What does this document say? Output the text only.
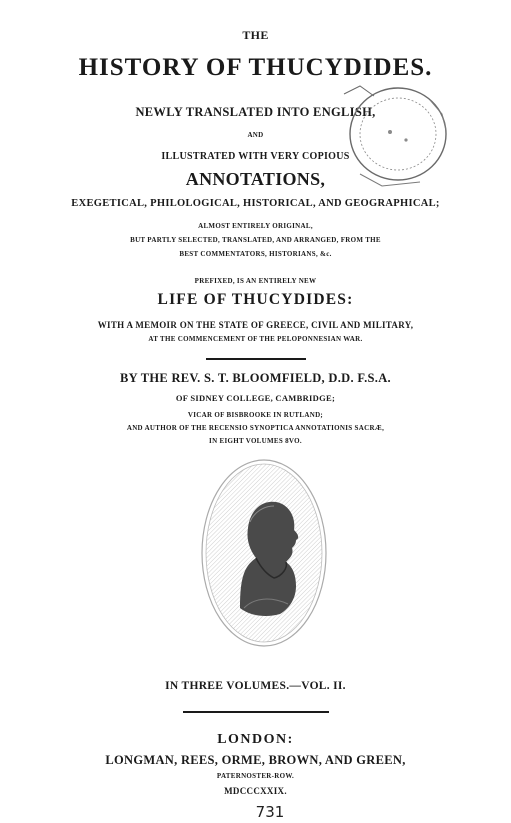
THE
HISTORY OF THUCYDIDES.
NEWLY TRANSLATED INTO ENGLISH,
AND
ILLUSTRATED WITH VERY COPIOUS
ANNOTATIONS,
EXEGETICAL, PHILOLOGICAL, HISTORICAL, AND GEOGRAPHICAL;
ALMOST ENTIRELY ORIGINAL,
BUT PARTLY SELECTED, TRANSLATED, AND ARRANGED, FROM THE
BEST COMMENTATORS, HISTORIANS, &c.
PREFIXED, IS AN ENTIRELY NEW
LIFE OF THUCYDIDES:
WITH A MEMOIR ON THE STATE OF GREECE, CIVIL AND MILITARY,
AT THE COMMENCEMENT OF THE PELOPONNESIAN WAR.
BY THE REV. S. T. BLOOMFIELD, D.D. F.S.A.
OF SIDNEY COLLEGE, CAMBRIDGE;
VICAR OF BISBROOKE IN RUTLAND;
AND AUTHOR OF THE RECENSIO SYNOPTICA ANNOTATIONIS SACRÆ,
IN EIGHT VOLUMES 8VO.
IN THREE VOLUMES.—VOL. II.
LONDON:
LONGMAN, REES, ORME, BROWN, AND GREEN,
PATERNOSTER-ROW.
MDCCCXXIX.
731
